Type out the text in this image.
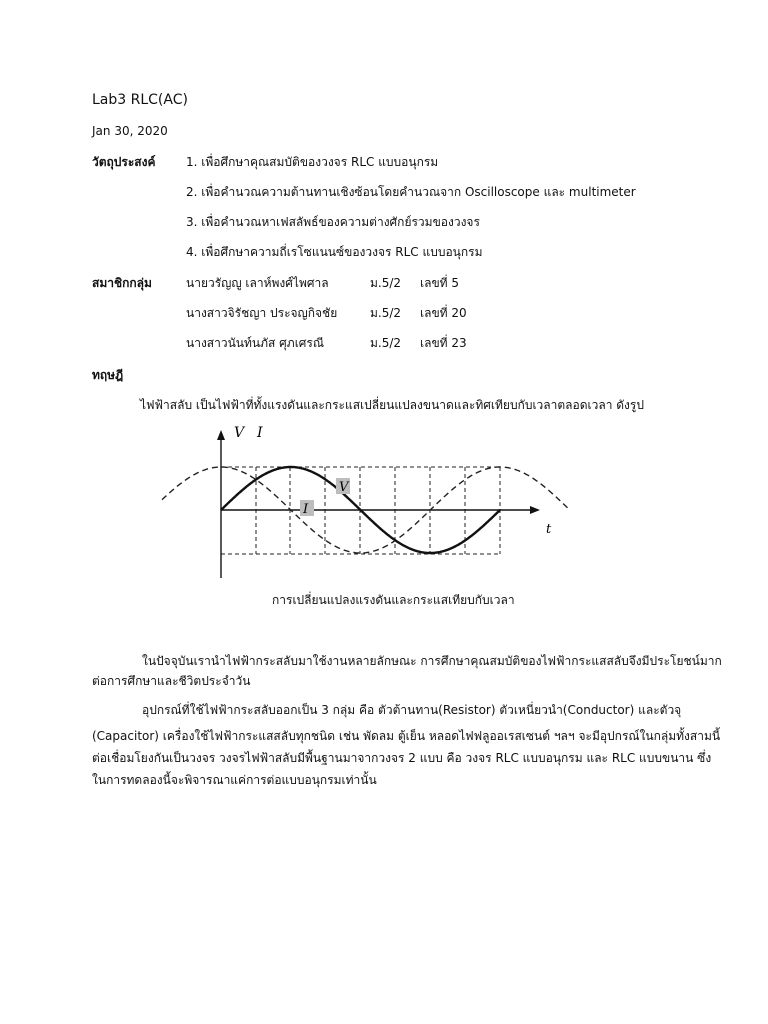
Lab3 RLC(AC)
Jan 30, 2020
วัตถุประสงค์	1. เพื่อศึกษาคุณสมบัติของวงจร RLC แบบอนุกรม
2. เพื่อคำนวณความต้านทานเชิงซ้อนโดยคำนวณจาก Oscilloscope และ multimeter
3. เพื่อคำนวณหาเฟสลัพธ์ของความต่างศักย์รวมของวงจร
4. เพื่อศึกษาความถี่เรโซแนนซ์ของวงจร RLC แบบอนุกรม
สมาชิกกลุ่ม	นายวรัญญู เลาห์พงศ์ไพศาล	ม.5/2 เลขที่ 5
นางสาวจิรัชญา ประจญกิจชัย	ม.5/2 เลขที่ 20
นางสาวนันท์นภัส ศุภเศรณี	ม.5/2 เลขที่ 23
ทฤษฎี
ไฟฟ้าสลับ เป็นไฟฟ้าที่ทั้งแรงดันและกระแสเปลี่ยนแปลงขนาดและทิศเทียบกับเวลาตลอดเวลา ดังรูป
V
I
V I
t
การเปลี่ยนแปลงแรงดันและกระแสเทียบกับเวลา
ในปัจจุบันเรานำไฟฟ้ากระสลับมาใช้งานหลายลักษณะ การศึกษาคุณสมบัติของไฟฟ้ากระแสสลับจึงมีประโยชน์มาก
ต่อการศึกษาและชีวิตประจำวัน
อุปกรณ์ที่ใช้ไฟฟ้ากระสลับออกเป็น 3 กลุ่ม คือ ตัวต้านทาน(Resistor) ตัวเหนี่ยวนำ(Conductor) และตัวจุ
(Capacitor) เครื่องใช้ไฟฟ้ากระแสสลับทุกชนิด เช่น พัดลม ตู้เย็น หลอดไฟฟลูออเรสเซนต์ ฯลฯ จะมีอุปกรณ์ในกลุ่มทั้งสามนี้
ต่อเชื่อมโยงกันเป็นวงจร วงจรไฟฟ้าสลับมีพื้นฐานมาจากวงจร 2 แบบ คือ วงจร RLC แบบอนุกรม และ RLC แบบขนาน ซึ่ง
ในการทดลองนี้จะพิจารณาแค่การต่อแบบอนุกรมเท่านั้น
